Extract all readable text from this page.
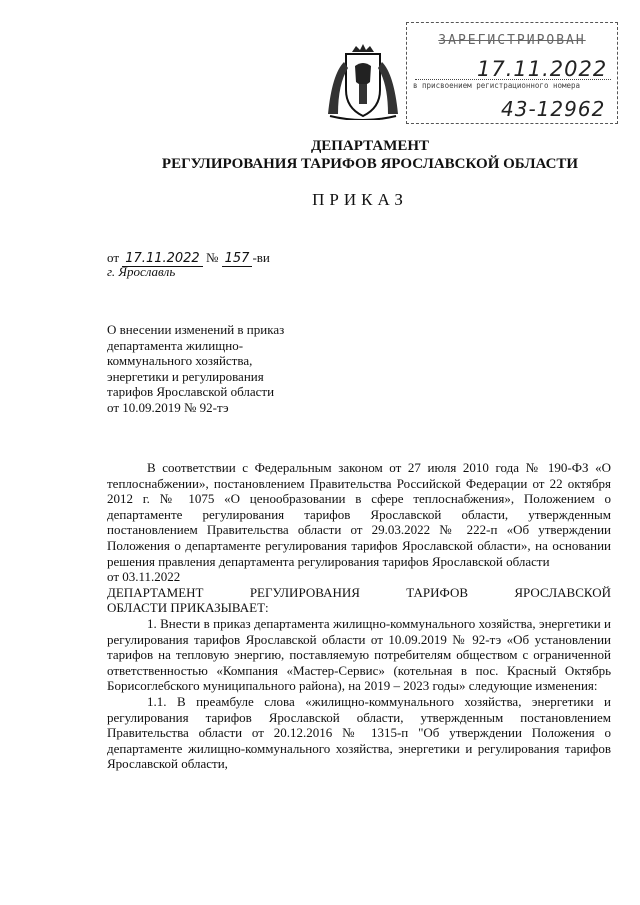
ЗАРЕГИСТРИРОВАН
17.11.2022
в присвоением регистрационного номера
43-12962
ДЕПАРТАМЕНТ
РЕГУЛИРОВАНИЯ ТАРИФОВ ЯРОСЛАВСКОЙ ОБЛАСТИ
ПРИКАЗ
от 17.11.2022 № 157 -ви
г. Ярославль
О внесении изменений в приказ
департамента жилищно-
коммунального хозяйства,
энергетики и регулирования
тарифов Ярославской области
от 10.09.2019 № 92-тэ

В соответствии с Федеральным законом от 27 июля 2010 года № 190-ФЗ «О теплоснабжении», постановлением Правительства Российской Федерации от 22 октября 2012 г. № 1075 «О ценообразовании в сфере теплоснабжения», Положением о департаменте регулирования тарифов Ярославской области, утвержденным постановлением Правительства области от 29.03.2022 № 222-п «Об утверждении Положения о департаменте регулирования тарифов Ярославской области», на основании решения правления департамента регулирования тарифов Ярославской области

от 03.11.2022

ДЕПАРТАМЕНТ	РЕГУЛИРОВАНИЯ	ТАРИФОВ	ЯРОСЛАВСКОЙ

ОБЛАСТИ ПРИКАЗЫВАЕТ:

1. Внести в приказ департамента жилищно-коммунального хозяйства, энергетики и регулирования тарифов Ярославской области от 10.09.2019 № 92-тэ «Об установлении тарифов на тепловую энергию, поставляемую потребителям обществом с ограниченной ответственностью «Компания «Мастер-Сервис» (котельная в пос. Красный Октябрь Борисоглебского муниципального района), на 2019 – 2023 годы» следующие изменения:

1.1. В преамбуле слова «жилищно-коммунального хозяйства, энергетики и регулирования тарифов Ярославской области, утвержденным постановлением Правительства области от 20.12.2016 № 1315-п "Об утверждении Положения о департаменте жилищно-коммунального хозяйства, энергетики и регулирования тарифов Ярославской области,
